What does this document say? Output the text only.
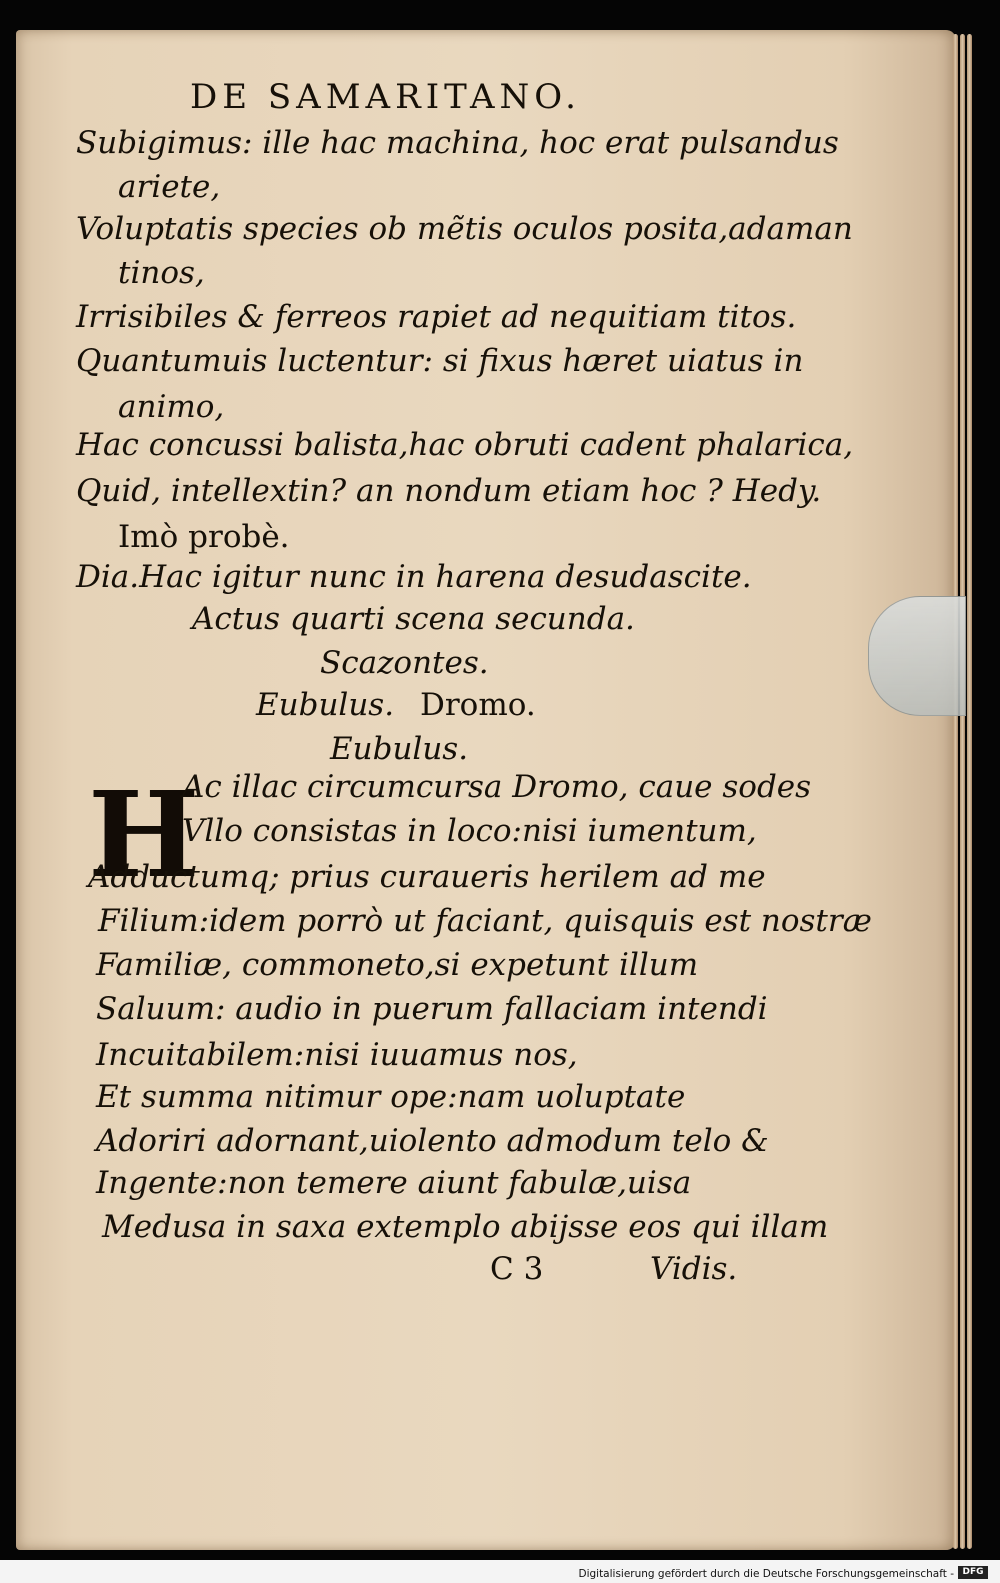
DE SAMARITANO.
Subigimus: ille hac machina, hoc erat pulsandus
ariete,
Voluptatis species ob mẽtis oculos posita,adaman
tinos,
Irrisibiles & ferreos rapiet ad nequitiam titos.
Quantumuis luctentur: si fixus hæret uiatus in
animo,
Hac concussi balista,hac obruti cadent phalarica,
Quid, intellextin? an nondum etiam hoc ? Hedy.
Imò probè.
Dia.Hac igitur nunc in harena desudascite.
Actus quarti scena secunda.
Scazontes.
Eubulus. Dromo.
Eubulus.
H
Ac illac circumcursa Dromo, caue sodes
Vllo consistas in loco:nisi iumentum,
Adductumq; prius curaueris herilem ad me
Filium:idem porrò ut faciant, quisquis est nostræ
Familiæ, commoneto,si expetunt illum
Saluum: audio in puerum fallaciam intendi
Incuitabilem:nisi iuuamus nos,
Et summa nitimur ope:nam uoluptate
Adoriri adornant,uiolento admodum telo &
Ingente:non temere aiunt fabulæ,uisa
Medusa in saxa extemplo abijsse eos qui illam
C 3	Vidis.
Digitalisierung gefördert durch die Deutsche Forschungsgemeinschaft - DFG
